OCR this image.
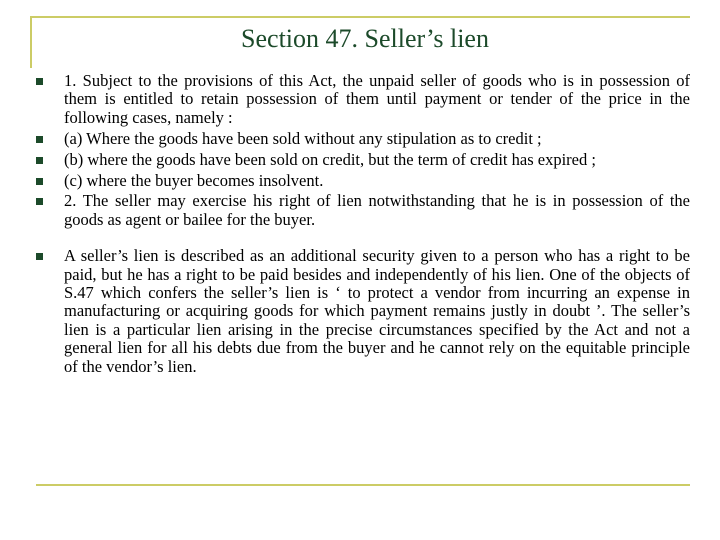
Section 47. Seller’s lien
1. Subject to the provisions of this Act, the unpaid seller of goods who is in possession of them is entitled to retain possession of them until payment or tender of the price in the following cases, namely :
(a) Where the goods have been sold without any stipulation as to credit ;
(b) where the goods have been sold on credit, but the term of credit has expired ;
(c) where the buyer becomes insolvent.
2. The seller may exercise his right of lien notwithstanding that he is in possession of the goods as agent or bailee for the buyer.
A seller’s lien is described as an additional security given to a person who has a right to be paid, but he has a right to be paid besides and independently of his lien. One of the objects of S.47 which confers the seller’s lien is ‘ to protect a vendor from incurring an expense in manufacturing or acquiring goods for which payment remains justly in doubt ’. The seller’s lien is a particular lien arising in the precise circumstances specified by the Act and not a general lien for all his debts due from the buyer and he cannot rely on the equitable principle of the vendor’s lien.
